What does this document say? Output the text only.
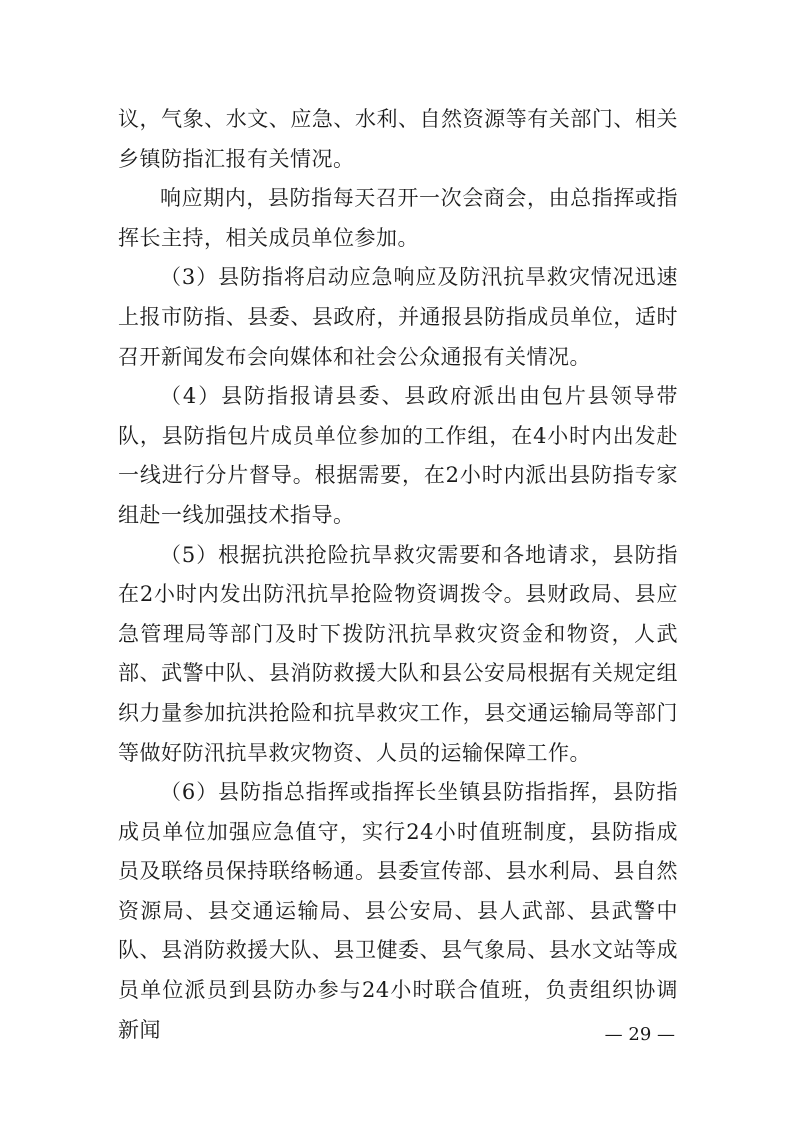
议，气象、水文、应急、水利、自然资源等有关部门、相关乡镇防指汇报有关情况。

响应期内，县防指每天召开一次会商会，由总指挥或指挥长主持，相关成员单位参加。

（3）县防指将启动应急响应及防汛抗旱救灾情况迅速上报市防指、县委、县政府，并通报县防指成员单位，适时召开新闻发布会向媒体和社会公众通报有关情况。

（4）县防指报请县委、县政府派出由包片县领导带队，县防指包片成员单位参加的工作组，在4小时内出发赴一线进行分片督导。根据需要，在2小时内派出县防指专家组赴一线加强技术指导。

（5）根据抗洪抢险抗旱救灾需要和各地请求，县防指在2小时内发出防汛抗旱抢险物资调拨令。县财政局、县应急管理局等部门及时下拨防汛抗旱救灾资金和物资，人武部、武警中队、县消防救援大队和县公安局根据有关规定组织力量参加抗洪抢险和抗旱救灾工作，县交通运输局等部门等做好防汛抗旱救灾物资、人员的运输保障工作。

（6）县防指总指挥或指挥长坐镇县防指指挥，县防指成员单位加强应急值守，实行24小时值班制度，县防指成员及联络员保持联络畅通。县委宣传部、县水利局、县自然资源局、县交通运输局、县公安局、县人武部、县武警中队、县消防救援大队、县卫健委、县气象局、县水文站等成员单位派员到县防办参与24小时联合值班，负责组织协调新闻	— 29 —
